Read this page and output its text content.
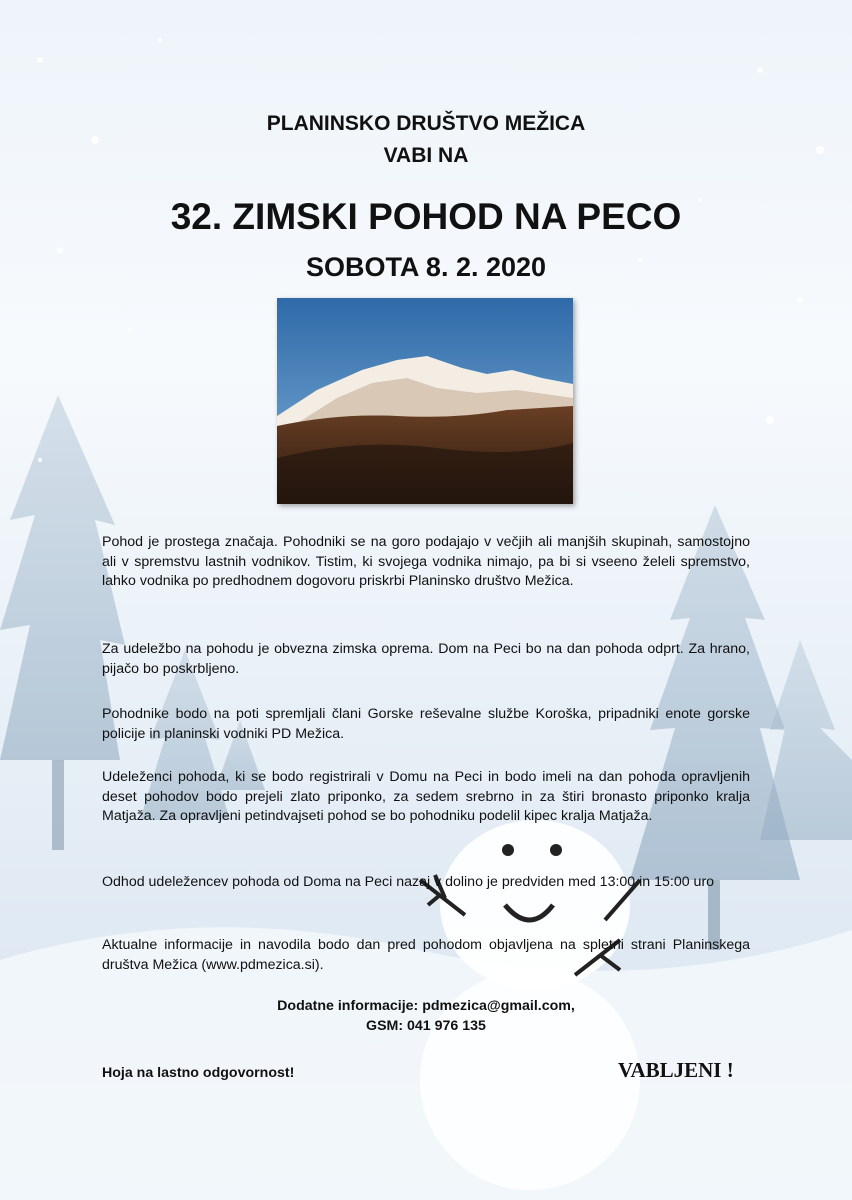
PLANINSKO DRUŠTVO MEŽICA
VABI NA
32. ZIMSKI POHOD NA PECO
SOBOTA 8. 2. 2020
Pohod je prostega značaja. Pohodniki se na goro podajajo v večjih ali manjših skupinah, samostojno ali v spremstvu lastnih vodnikov. Tistim, ki svojega vodnika nimajo, pa bi si vseeno želeli spremstvo, lahko vodnika po predhodnem dogovoru priskrbi Planinsko društvo Mežica.
Za udeležbo na pohodu je obvezna zimska oprema. Dom na Peci bo na dan pohoda odprt. Za hrano, pijačo bo poskrbljeno.
Pohodnike bodo na poti spremljali člani Gorske reševalne službe Koroška, pripadniki enote gorske policije in planinski vodniki PD Mežica.
Udeleženci pohoda, ki se bodo registrirali v Domu na Peci in bodo imeli na dan pohoda opravljenih deset pohodov bodo prejeli zlato priponko, za sedem srebrno in za štiri bronasto priponko kralja Matjaža. Za opravljeni petindvajseti pohod se bo pohodniku podelil kipec kralja Matjaža.
Odhod udeležencev pohoda od Doma na Peci nazaj v dolino je predviden med 13:00 in 15:00 uro
Aktualne informacije in navodila bodo dan pred pohodom objavljena na spletni strani Planinskega društva Mežica (www.pdmezica.si).
Dodatne informacije: pdmezica@gmail.com,
GSM: 041 976 135
Hoja na lastno odgovornost!	VABLJENI !
